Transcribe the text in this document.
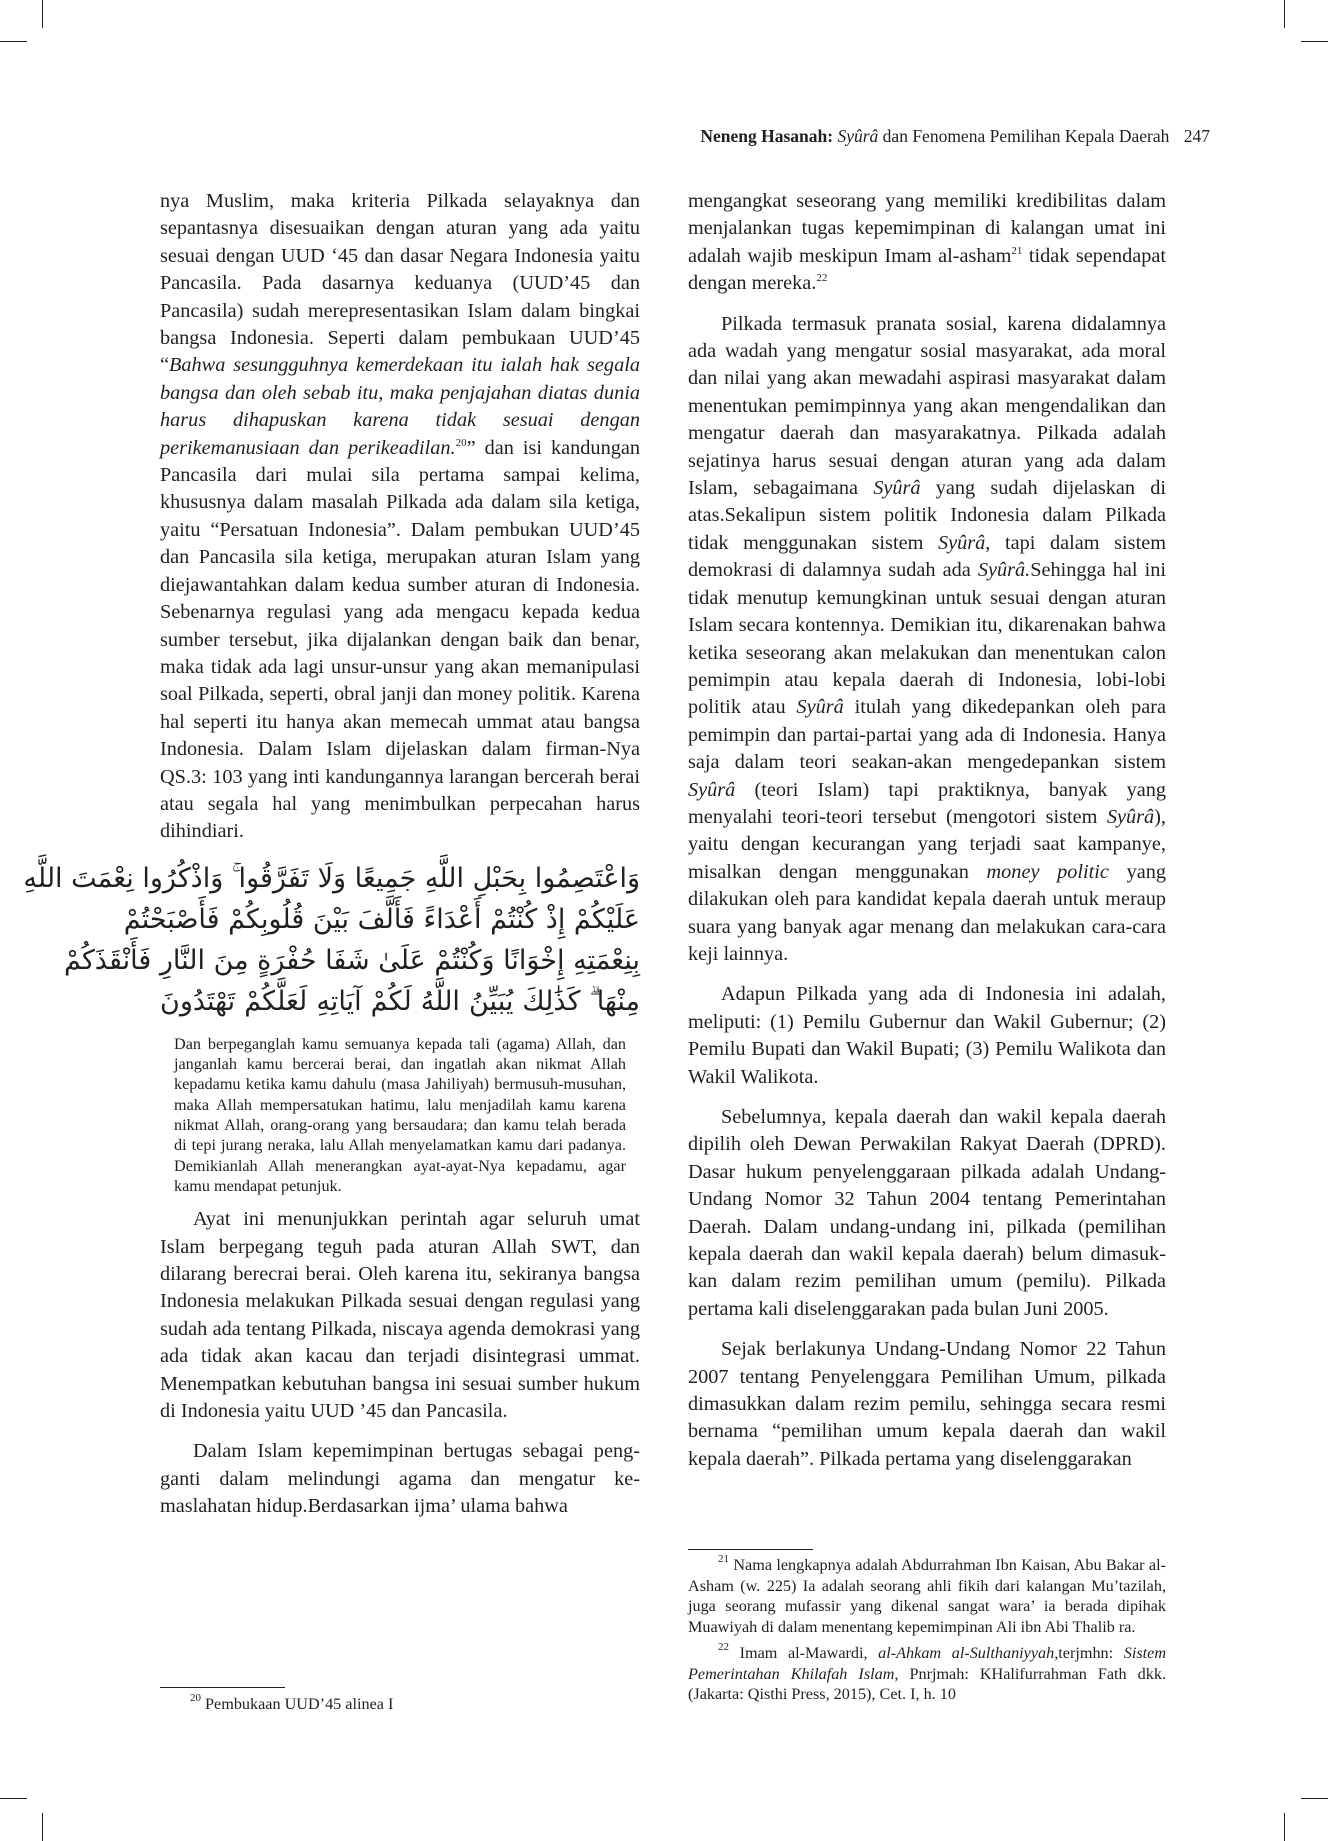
Neneng Hasanah: Syûrâ dan Fenomena Pemilihan Kepala Daerah 247

nya Muslim, maka kriteria Pilkada selayaknya dan sepantasnya disesuaikan dengan aturan yang ada yaitu sesuai dengan UUD ‘45 dan dasar Negara Indonesia yaitu Pancasila. Pada dasarnya keduanya (UUD’45 dan Pancasila) sudah merepresentasikan Islam dalam bingkai bangsa Indonesia. Seperti dalam pembukaan UUD’45 “Bahwa sesungguhnya kemerdekaan itu ialah hak segala bangsa dan oleh sebab itu, maka penjajahan diatas dunia harus dihapuskan karena tidak sesuai dengan perikemanusiaan dan perikeadilan.$^{20}$” dan isi kandungan Pancasila dari mulai sila pertama sampai kelima, khususnya dalam masalah Pilkada ada dalam sila ketiga, yaitu “Persatuan Indonesia”. Dalam pembukan UUD’45 dan Pancasila sila ketiga, merupakan aturan Islam yang diejawantahkan dalam kedua sumber aturan di Indonesia. Sebenarnya regulasi yang ada mengacu kepada kedua sumber tersebut, jika dijalankan dengan baik dan benar, maka tidak ada lagi unsur-unsur yang akan memanipulasi soal Pilkada, seperti, obral janji dan money politik. Karena hal seperti itu hanya akan memecah ummat atau bangsa Indonesia. Dalam Islam dijelaskan dalam firman-Nya QS.3: 103 yang inti kandungannya larangan bercerah berai atau segala hal yang menimbulkan perpecahan harus dihindiari.

وَاعْتَصِمُوا بِحَبْلِ اللَّهِ جَمِيعًا وَلَا تَفَرَّقُوا ۚ وَاذْكُرُوا نِعْمَتَ اللَّهِ
عَلَيْكُمْ إِذْ كُنْتُمْ أَعْدَاءً فَأَلَّفَ بَيْنَ قُلُوبِكُمْ فَأَصْبَحْتُمْ
بِنِعْمَتِهِ إِخْوَانًا وَكُنْتُمْ عَلَىٰ شَفَا حُفْرَةٍ مِنَ النَّارِ فَأَنْقَذَكُمْ
مِنْهَا ۗ كَذَٰلِكَ يُبَيِّنُ اللَّهُ لَكُمْ آيَاتِهِ لَعَلَّكُمْ تَهْتَدُونَ

Dan berpeganglah kamu semuanya kepada tali (agama) Allah, dan janganlah kamu bercerai berai, dan ingatlah akan nikmat Allah kepadamu ketika kamu dahulu (masa Jahiliyah) bermusuh-musuhan, maka Allah mempersatukan hatimu, lalu menjadilah kamu karena nikmat Allah, orang-orang yang bersaudara; dan kamu telah berada di tepi jurang neraka, lalu Allah menyelamatkan kamu dari padanya. Demikianlah Allah menerangkan ayat-ayat-Nya kepadamu, agar kamu mendapat petunjuk.

Ayat ini menunjukkan perintah agar seluruh umat Islam berpegang teguh pada aturan Allah SWT, dan dilarang berecrai berai. Oleh karena itu, sekiranya bangsa Indonesia melakukan Pilkada sesuai dengan regulasi yang sudah ada tentang Pilkada, niscaya agenda demokrasi yang ada tidak akan kacau dan terjadi disintegrasi ummat. Menempatkan kebutuhan bangsa ini sesuai sumber hukum di Indonesia yaitu UUD ’45 dan Pancasila.

Dalam Islam kepemimpinan bertugas sebagai pengganti dalam melindungi agama dan mengatur kemaslahatan hidup.Berdasarkan ijma’ ulama bahwa

$^{20}$ Pembukaan UUD’45 alinea I

mengangkat seseorang yang memiliki kredibilitas dalam menjalankan tugas kepemimpinan di kalangan umat ini adalah wajib meskipun Imam al-asham$^{21}$ tidak sependapat dengan mereka.$^{22}$

Pilkada termasuk pranata sosial, karena didalamnya ada wadah yang mengatur sosial masyarakat, ada moral dan nilai yang akan mewadahi aspirasi masyarakat dalam menentukan pemimpinnya yang akan mengendalikan dan mengatur daerah dan masyarakatnya. Pilkada adalah sejatinya harus sesuai dengan aturan yang ada dalam Islam, sebagaimana Syûrâ yang sudah dijelaskan di atas.Sekalipun sistem politik Indonesia dalam Pilkada tidak menggunakan sistem Syûrâ, tapi dalam sistem demokrasi di dalamnya sudah ada Syûrâ.Sehingga hal ini tidak menutup kemungkinan untuk sesuai dengan aturan Islam secara kontennya. Demikian itu, dikarenakan bahwa ketika seseorang akan melakukan dan menentukan calon pemimpin atau kepala daerah di Indonesia, lobi-lobi politik atau Syûrâ itulah yang dikedepankan oleh para pemimpin dan partai-partai yang ada di Indonesia. Hanya saja dalam teori seakan-akan mengedepankan sistem Syûrâ (teori Islam) tapi praktiknya, banyak yang menyalahi teori-teori tersebut (mengotori sistem Syûrâ), yaitu dengan kecurangan yang terjadi saat kampanye, misalkan dengan menggunakan money politic yang dilakukan oleh para kandidat kepala daerah untuk meraup suara yang banyak agar menang dan melakukan cara-cara keji lainnya.

Adapun Pilkada yang ada di Indonesia ini adalah, meliputi: (1) Pemilu Gubernur dan Wakil Gubernur; (2) Pemilu Bupati dan Wakil Bupati; (3) Pemilu Walikota dan Wakil Walikota.

Sebelumnya, kepala daerah dan wakil kepala daerah dipilih oleh Dewan Perwakilan Rakyat Daerah (DPRD). Dasar hukum penyelenggaraan pilkada adalah Undang-Undang Nomor 32 Tahun 2004 tentang Pemerintahan Daerah. Dalam undang-undang ini, pilkada (pemilihan kepala daerah dan wakil kepala daerah) belum dimasukkan dalam rezim pemilihan umum (pemilu). Pilkada pertama kali diselenggarakan pada bulan Juni 2005.

Sejak berlakunya Undang-Undang Nomor 22 Tahun 2007 tentang Penyelenggara Pemilihan Umum, pilkada dimasukkan dalam rezim pemilu, sehingga secara resmi bernama “pemilihan umum kepala daerah dan wakil kepala daerah”. Pilkada pertama yang diselenggarakan

$^{21}$ Nama lengkapnya adalah Abdurrahman Ibn Kaisan, Abu Bakar al-Asham (w. 225) Ia adalah seorang ahli fikih dari kalangan Mu’tazilah, juga seorang mufassir yang dikenal sangat wara’ ia berada dipihak Muawiyah di dalam menentang kepemimpinan Ali ibn Abi Thalib ra.

$^{22}$ Imam al-Mawardi, al-Ahkam al-Sulthaniyyah,terjmhn: Sistem Pemerintahan Khilafah Islam, Pnrjmah: KHalifurrahman Fath dkk. (Jakarta: Qisthi Press, 2015), Cet. I, h. 10
